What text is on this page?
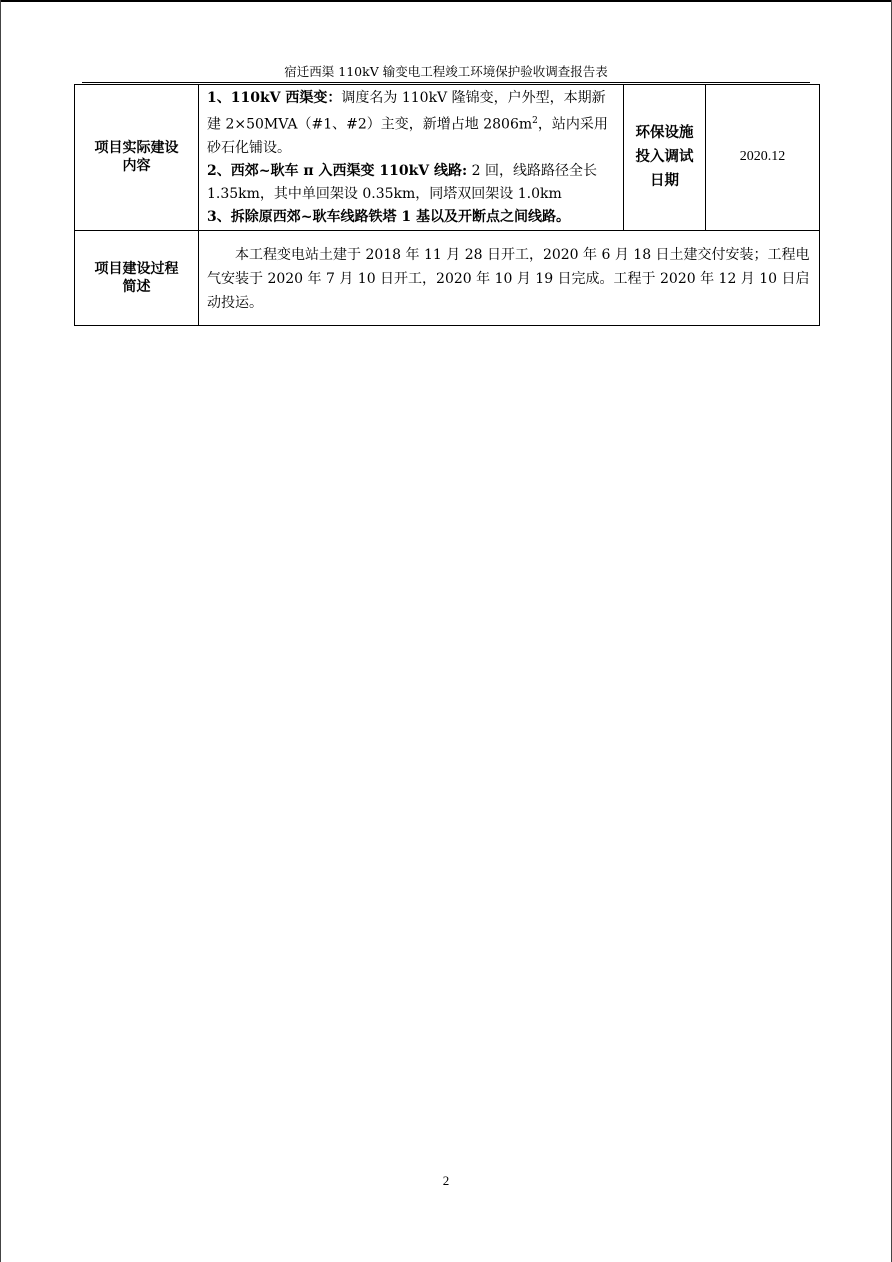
宿迁西渠 110kV 输变电工程竣工环境保护验收调查报告表
项目实际建设内容	1、110kV 西渠变：调度名为 110kV 隆锦变，户外型，本期新建 2×50MVA（#1、#2）主变，新增占地 $2806m^2$，站内采用砂石化铺设。

2、西郊~耿车 π 入西渠变 110kV 线路: 2 回，线路路径全长 1.35km，其中单回架设 0.35km，同塔双回架设 1.0km

3、拆除原西郊~耿车线路铁塔 1 基以及开断点之间线路。	环保设施投入调试日期	2020.12

项目建设过程简述	本工程变电站土建于 2018 年 11 月 28 日开工，2020 年 6 月 18 日土建交付安装；工程电气安装于 2020 年 7 月 10 日开工，2020 年 10 月 19 日完成。工程于 2020 年 12 月 10 日启动投运。		
2
